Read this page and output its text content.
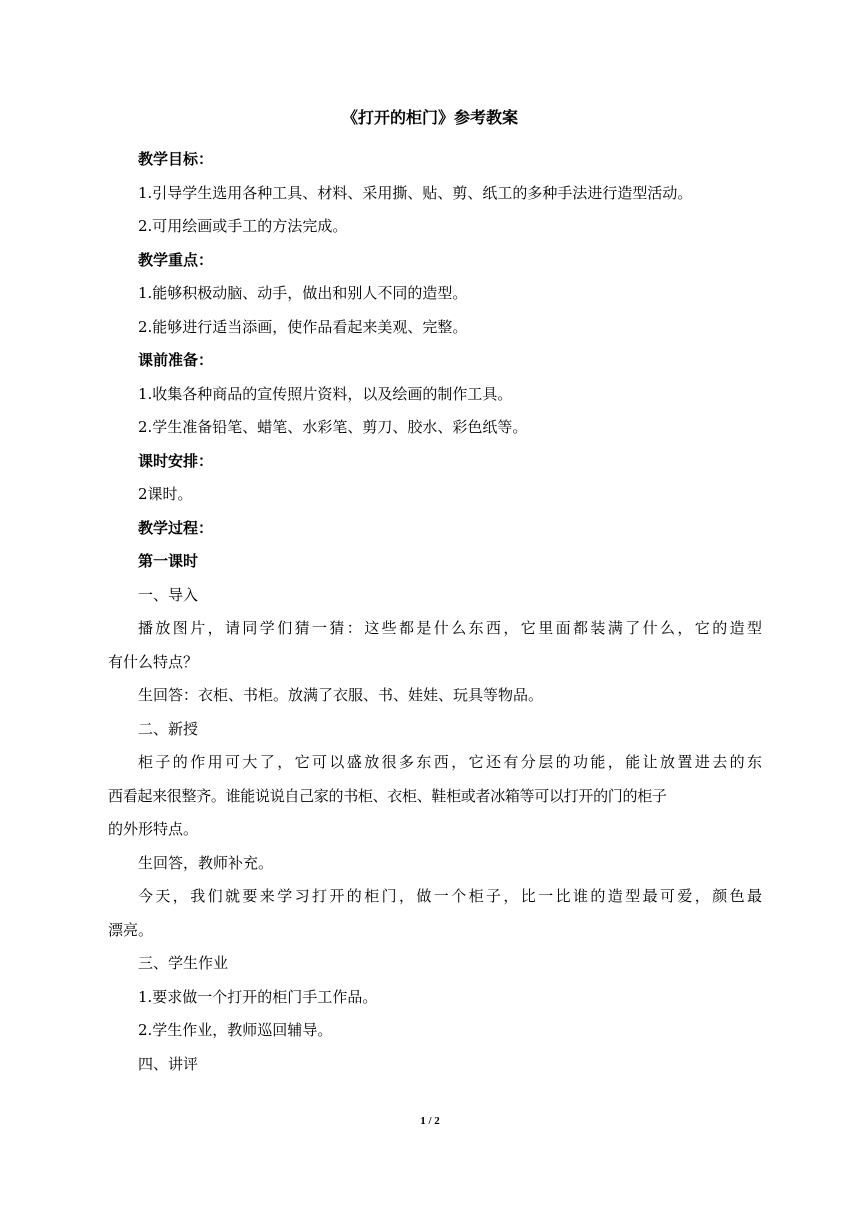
《打开的柜门》参考教案

教学目标：

1.引导学生选用各种工具、材料、采用撕、贴、剪、纸工的多种手法进行造型活动。

2.可用绘画或手工的方法完成。

教学重点：

1.能够积极动脑、动手，做出和别人不同的造型。

2.能够进行适当添画，使作品看起来美观、完整。

课前准备：

1.收集各种商品的宣传照片资料，以及绘画的制作工具。

2.学生准备铅笔、蜡笔、水彩笔、剪刀、胶水、彩色纸等。

课时安排：

2课时。

教学过程：

第一课时

一、导入

播放图片，请同学们猜一猜：这些都是什么东西，它里面都装满了什么，它的造型
有什么特点？

生回答：衣柜、书柜。放满了衣服、书、娃娃、玩具等物品。

二、新授

柜子的作用可大了，它可以盛放很多东西，它还有分层的功能，能让放置进去的东
西看起来很整齐。谁能说说自己家的书柜、衣柜、鞋柜或者冰箱等可以打开的门的柜子
的外形特点。

生回答，教师补充。

今天，我们就要来学习打开的柜门，做一个柜子，比一比谁的造型最可爱，颜色最
漂亮。

三、学生作业

1.要求做一个打开的柜门手工作品。

2.学生作业，教师巡回辅导。

四、讲评

1 / 2
